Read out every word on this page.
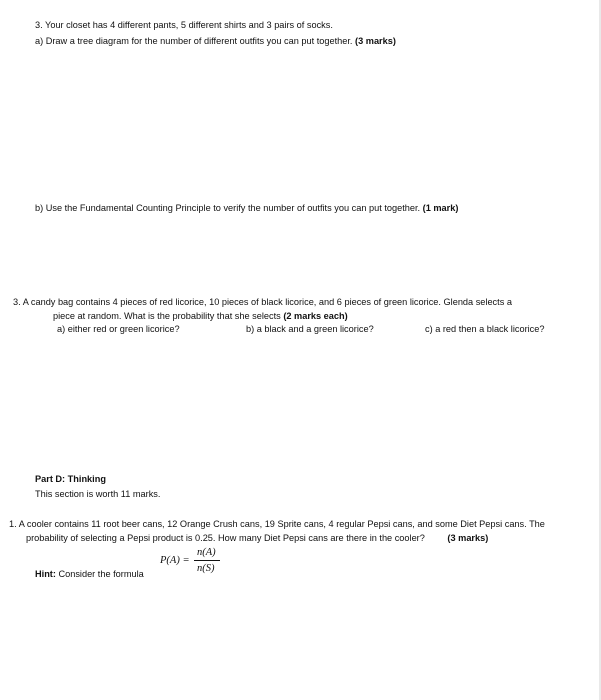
3. Your closet has 4 different pants, 5 different shirts and 3 pairs of socks.
a) Draw a tree diagram for the number of different outfits you can put together. (3 marks)
b) Use the Fundamental Counting Principle to verify the number of outfits you can put together. (1 mark)
3. A candy bag contains 4 pieces of red licorice, 10 pieces of black licorice, and 6 pieces of green licorice. Glenda selects a
piece at random. What is the probability that she selects (2 marks each)
a) either red or green licorice?	b) a black and a green licorice?	c) a red then a black licorice?
Part D: Thinking
This section is worth 11 marks.
1. A cooler contains 11 root beer cans, 12 Orange Crush cans, 19 Sprite cans, 4 regular Pepsi cans, and some Diet Pepsi cans. The
probability of selecting a Pepsi product is 0.25. How many Diet Pepsi cans are there in the cooler? (3 marks)
Hint: Consider the formula
P(A) =
n(A)
n(S)
